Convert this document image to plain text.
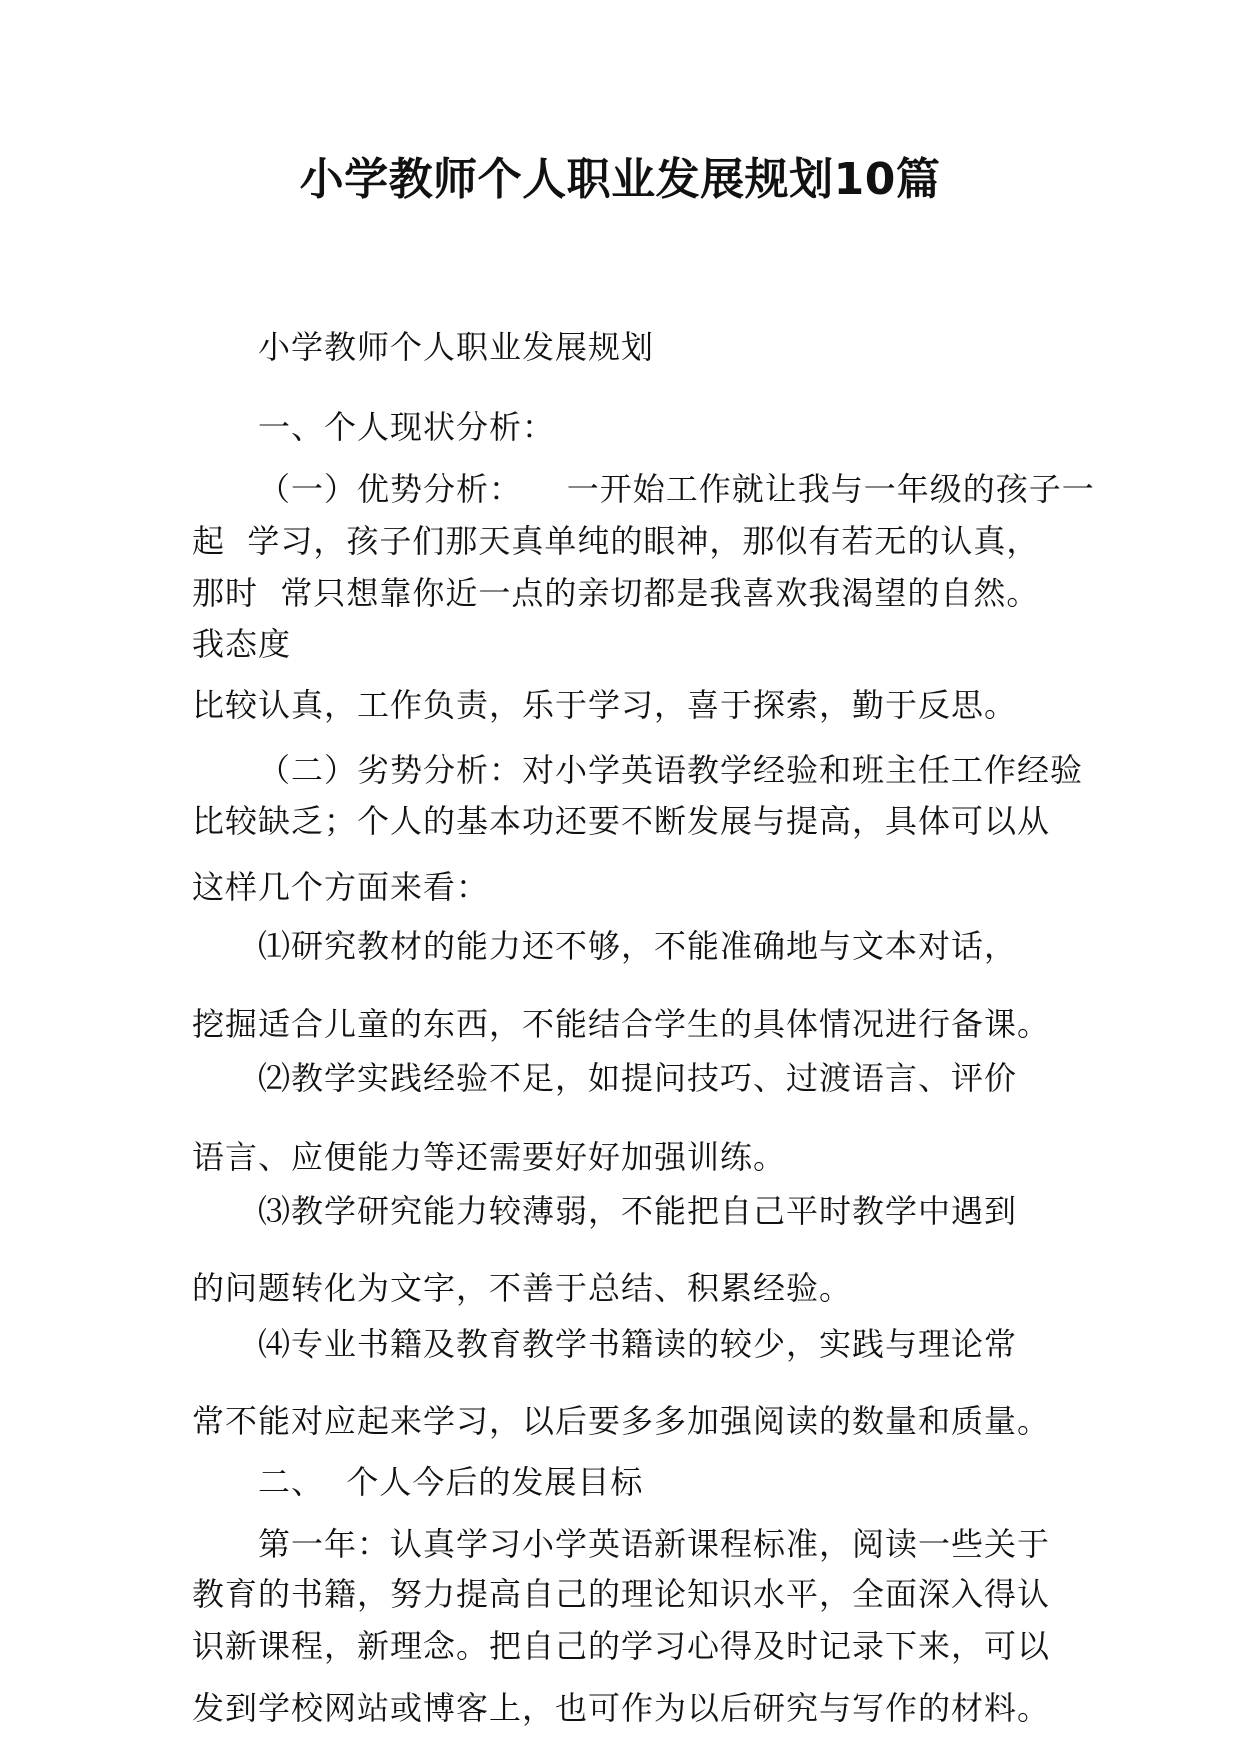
小学教师个人职业发展规划10篇
小学教师个人职业发展规划
一、个人现状分析：
（一）优势分析：    一开始工作就让我与一年级的孩子一
起  学习，孩子们那天真单纯的眼神，那似有若无的认真，
那时  常只想靠你近一点的亲切都是我喜欢我渴望的自然。
我态度
比较认真，工作负责，乐于学习，喜于探索，勤于反思。
（二）劣势分析：对小学英语教学经验和班主任工作经验
比较缺乏；个人的基本功还要不断发展与提高，具体可以从
这样几个方面来看：
⑴研究教材的能力还不够，不能准确地与文本对话，
挖掘适合儿童的东西，不能结合学生的具体情况进行备课。
⑵教学实践经验不足，如提问技巧、过渡语言、评价
语言、应便能力等还需要好好加强训练。
⑶教学研究能力较薄弱，不能把自己平时教学中遇到
的问题转化为文字，不善于总结、积累经验。
⑷专业书籍及教育教学书籍读的较少，实践与理论常
常不能对应起来学习，以后要多多加强阅读的数量和质量。
二、  个人今后的发展目标
第一年：认真学习小学英语新课程标准，阅读一些关于
教育的书籍，努力提高自己的理论知识水平，全面深入得认
识新课程，新理念。把自己的学习心得及时记录下来，可以
发到学校网站或博客上，也可作为以后研究与写作的材料。
